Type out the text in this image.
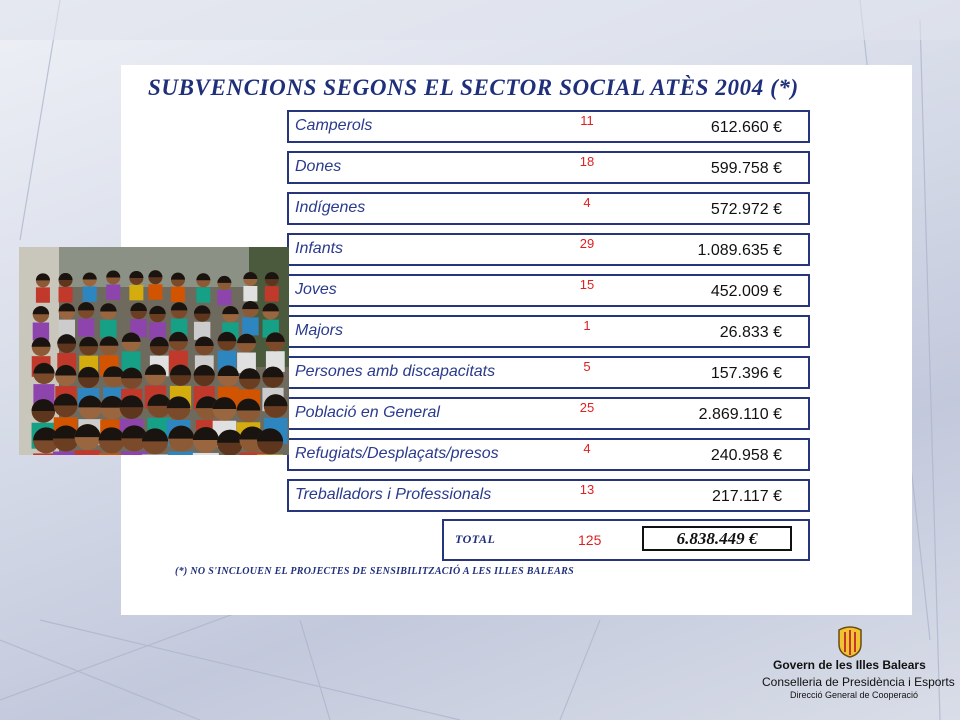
SUBVENCIONS SEGONS EL SECTOR SOCIAL ATÈS 2004 (*)
Camperols	11	612.660 €
Dones	18	599.758 €
Indígenes	4	572.972 €
Infants	29	1.089.635 €
Joves	15	452.009 €
Majors	1	26.833 €
Persones amb discapacitats	5	157.396 €
Població en General	25	2.869.110 €
Refugiats/Desplaçats/presos	4	240.958 €
Treballadors i Professionals	13	217.117 €
TOTAL	125	6.838.449 €
(*) NO S'INCLOUEN EL PROJECTES DE SENSIBILITZACIÓ A LES ILLES BALEARS
Govern de les Illes Balears
Conselleria de Presidència i Esports
Direcció General de Cooperació
